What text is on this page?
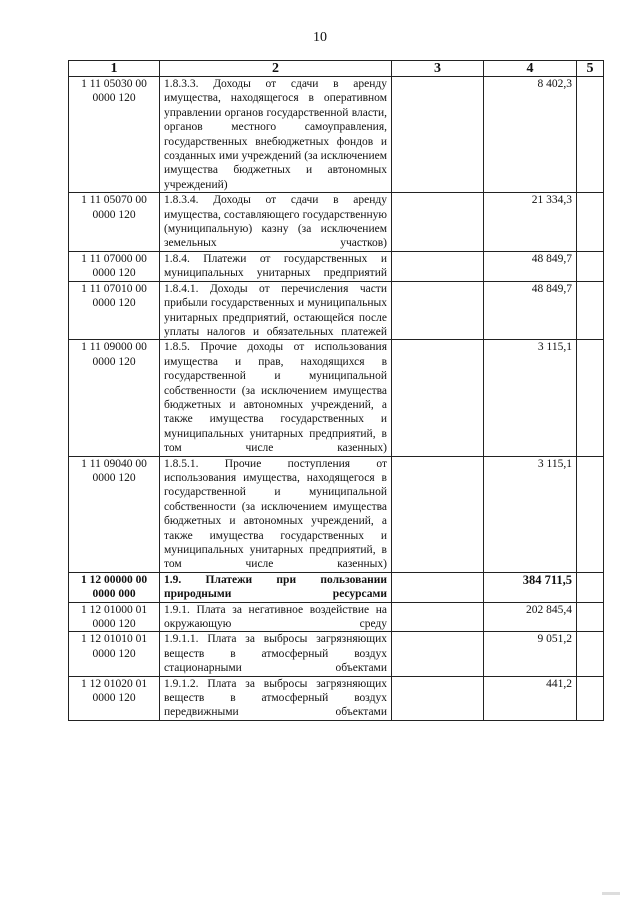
10
1	2	3	4	5
1 11 05030 00 0000 120	1.8.3.3. Доходы от сдачи в аренду имущества, находящегося в оперативном управлении органов государственной власти, органов местного самоуправления, государственных внебюджетных фондов и созданных ими учреждений (за исключением имущества бюджетных и автономных учреждений)		8 402,3	
1 11 05070 00 0000 120	1.8.3.4. Доходы от сдачи в аренду имущества, составляющего государственную (муниципальную) казну (за исключением земельных участков)		21 334,3	
1 11 07000 00 0000 120	1.8.4. Платежи от государственных и муниципальных унитарных предприятий		48 849,7	
1 11 07010 00 0000 120	1.8.4.1. Доходы от перечисления части прибыли государственных и муниципальных унитарных предприятий, остающейся после уплаты налогов и обязательных платежей		48 849,7	
1 11 09000 00 0000 120	1.8.5. Прочие доходы от использования имущества и прав, находящихся в государственной и муниципальной собственности (за исключением имущества бюджетных и автономных учреждений, а также имущества государственных и муниципальных унитарных предприятий, в том числе казенных)		3 115,1	
1 11 09040 00 0000 120	1.8.5.1. Прочие поступления от использования имущества, находящегося в государственной и муниципальной собственности (за исключением имущества бюджетных и автономных учреждений, а также имущества государственных и муниципальных унитарных предприятий, в том числе казенных)		3 115,1	
1 12 00000 00 0000 000	1.9. Платежи при пользовании природными ресурсами		384 711,5	
1 12 01000 01 0000 120	1.9.1. Плата за негативное воздействие на окружающую среду		202 845,4	
1 12 01010 01 0000 120	1.9.1.1. Плата за выбросы загрязняющих веществ в атмосферный воздух стационарными объектами		9 051,2	
1 12 01020 01 0000 120	1.9.1.2. Плата за выбросы загрязняющих веществ в атмосферный воздух передвижными объектами		441,2	
